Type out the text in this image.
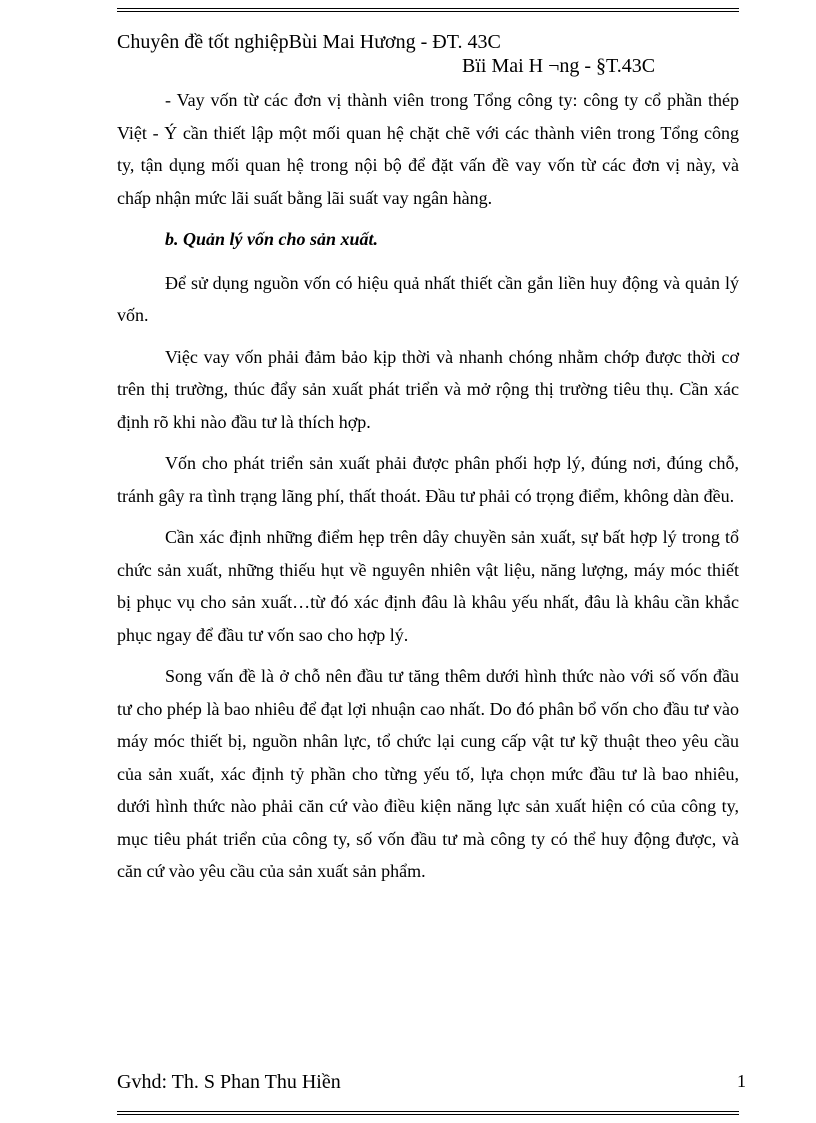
Chuyên đề tốt nghiệpBùi Mai Hương - ĐT. 43C
Bïi Mai H ¬ng - §T.43C

- Vay vốn từ các đơn vị thành viên trong Tổng công ty: công ty cổ phần thép Việt - Ý cần thiết lập một mối quan hệ chặt chẽ với các thành viên trong Tổng công ty, tận dụng mối quan hệ trong nội bộ để đặt vấn đề vay vốn từ các đơn vị này, và chấp nhận mức lãi suất bằng lãi suất vay ngân hàng.

b. Quản lý vốn cho sản xuất.

Để sử dụng nguồn vốn có hiệu quả nhất thiết cần gắn liền huy động và quản lý vốn.

Việc vay vốn phải đảm bảo kịp thời và nhanh chóng nhằm chớp được thời cơ trên thị trường, thúc đẩy sản xuất phát triển và mở rộng thị trường tiêu thụ. Cần xác định rõ khi nào đầu tư là thích hợp.

Vốn cho phát triển sản xuất phải được phân phối hợp lý, đúng nơi, đúng chỗ, tránh gây ra tình trạng lãng phí, thất thoát. Đầu tư phải có trọng điểm, không dàn đều.

Cần xác định những điểm hẹp trên dây chuyền sản xuất, sự bất hợp lý trong tổ chức sản xuất, những thiếu hụt về nguyên nhiên vật liệu, năng lượng, máy móc thiết bị phục vụ cho sản xuất…từ đó xác định đâu là khâu yếu nhất, đâu là khâu cần khắc phục ngay để đầu tư vốn sao cho hợp lý.

Song vấn đề là ở chỗ nên đầu tư tăng thêm dưới hình thức nào với số vốn đầu tư cho phép là bao nhiêu để đạt lợi nhuận cao nhất. Do đó phân bổ vốn cho đầu tư vào máy móc thiết bị, nguồn nhân lực, tổ chức lại cung cấp vật tư kỹ thuật theo yêu cầu của sản xuất, xác định tỷ phần cho từng yếu tố, lựa chọn mức đầu tư là bao nhiêu, dưới hình thức nào phải căn cứ vào điều kiện năng lực sản xuất hiện có của công ty, mục tiêu phát triển của công ty, số vốn đầu tư mà công ty có thể huy động được, và căn cứ vào yêu cầu của sản xuất sản phẩm.

Gvhd: Th. S Phan Thu Hiền	1
